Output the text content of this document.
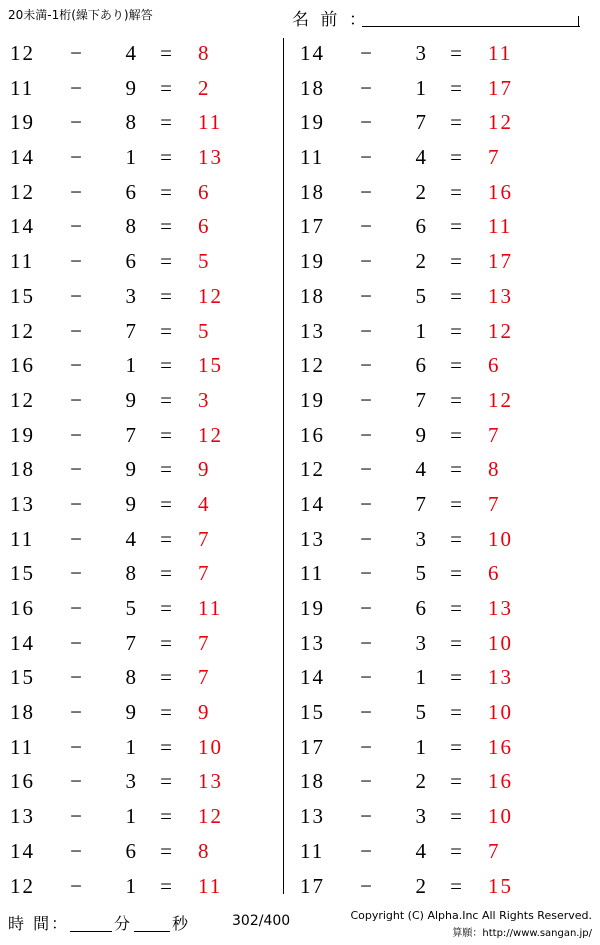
20未満-1桁(繰下あり)解答	名 前 ：
12	−	4 = 8
11	−	9 = 2
19	−	8 = 11
14	−	1 = 13
12	−	6 = 6
14	−	8 = 6
11	−	6 = 5
15	−	3 = 12
12	−	7 = 5
16	−	1 = 15
12	−	9 = 3
19	−	7 = 12
18	−	9 = 9
13	−	9 = 4
11	−	4 = 7
15	−	8 = 7
16	−	5 = 11
14	−	7 = 7
15	−	8 = 7
18	−	9 = 9
11	−	1 = 10
16	−	3 = 13
13	−	1 = 12
14	−	6 = 8
12	−	1 = 11
14	−	3 = 11
18	−	1 = 17
19	−	7 = 12
11	−	4 = 7
18	−	2 = 16
17	−	6 = 11
19	−	2 = 17
18	−	5 = 13
13	−	1 = 12
12	−	6 = 6
19	−	7 = 12
16	−	9 = 7
12	−	4 = 8
14	−	7 = 7
13	−	3 = 10
11	−	5 = 6
19	−	6 = 13
13	−	3 = 10
14	−	1 = 13
15	−	5 = 10
17	−	1 = 16
18	−	2 = 16
13	−	3 = 10
11	−	4 = 7
17	−	2 = 15
時 間：	分	秒	302/400	Copyright (C) Alpha.Inc All Rights Reserved.
算願：http://www.sangan.jp/
